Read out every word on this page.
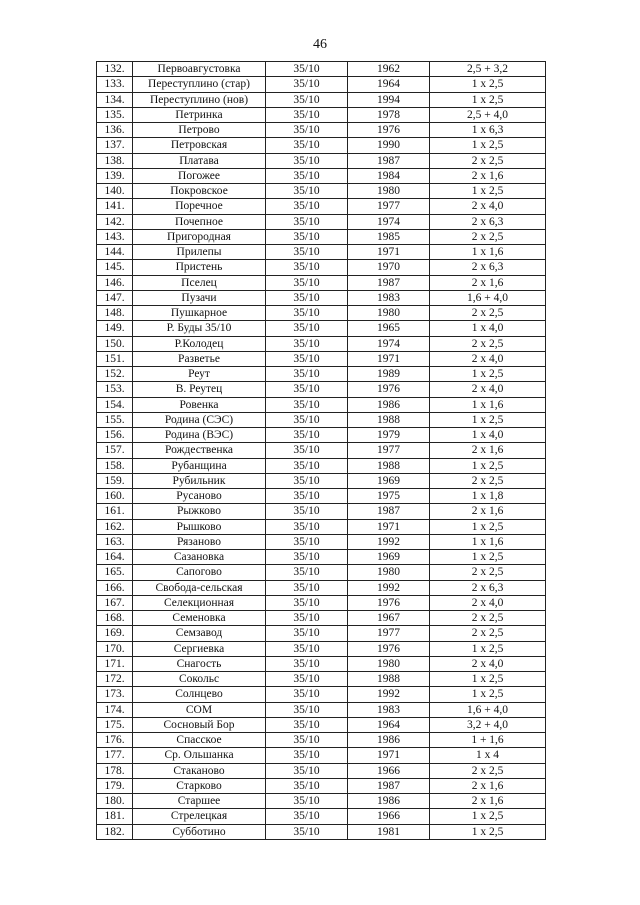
46
132.	Первоавгустовка	35/10	1962	2,5 + 3,2
133.	Переступлино (стар)	35/10	1964	1 x 2,5
134.	Переступлино (нов)	35/10	1994	1 x 2,5
135.	Петринка	35/10	1978	2,5 + 4,0
136.	Петрово	35/10	1976	1 x 6,3
137.	Петровская	35/10	1990	1 x 2,5
138.	Платава	35/10	1987	2 x 2,5
139.	Погожее	35/10	1984	2 x 1,6
140.	Покровское	35/10	1980	1 x 2,5
141.	Поречное	35/10	1977	2 x 4,0
142.	Почепное	35/10	1974	2 x 6,3
143.	Пригородная	35/10	1985	2 x 2,5
144.	Прилепы	35/10	1971	1 x 1,6
145.	Пристень	35/10	1970	2 x 6,3
146.	Пселец	35/10	1987	2 x 1,6
147.	Пузачи	35/10	1983	1,6 + 4,0
148.	Пушкарное	35/10	1980	2 x 2,5
149.	Р. Буды 35/10	35/10	1965	1 x 4,0
150.	Р.Колодец	35/10	1974	2 x 2,5
151.	Разветье	35/10	1971	2 x 4,0
152.	Реут	35/10	1989	1 x 2,5
153.	В. Реутец	35/10	1976	2 x 4,0
154.	Ровенка	35/10	1986	1 x 1,6
155.	Родина (СЭС)	35/10	1988	1 x 2,5
156.	Родина (ВЭС)	35/10	1979	1 x 4,0
157.	Рождественка	35/10	1977	2 x 1,6
158.	Рубанщина	35/10	1988	1 x 2,5
159.	Рубильник	35/10	1969	2 x 2,5
160.	Русаново	35/10	1975	1 x 1,8
161.	Рыжково	35/10	1987	2 x 1,6
162.	Рышково	35/10	1971	1 x 2,5
163.	Рязаново	35/10	1992	1 x 1,6
164.	Сазановка	35/10	1969	1 x 2,5
165.	Сапогово	35/10	1980	2 x 2,5
166.	Свобода-сельская	35/10	1992	2 x 6,3
167.	Селекционная	35/10	1976	2 x 4,0
168.	Семеновка	35/10	1967	2 x 2,5
169.	Семзавод	35/10	1977	2 x 2,5
170.	Сергиевка	35/10	1976	1 x 2,5
171.	Снагость	35/10	1980	2 x 4,0
172.	Сокольс	35/10	1988	1 x 2,5
173.	Солнцево	35/10	1992	1 x 2,5
174.	СОМ	35/10	1983	1,6 + 4,0
175.	Сосновый Бор	35/10	1964	3,2 + 4,0
176.	Спасское	35/10	1986	1 + 1,6
177.	Ср. Ольшанка	35/10	1971	1 x 4
178.	Стаканово	35/10	1966	2 x 2,5
179.	Старково	35/10	1987	2 x 1,6
180.	Старшее	35/10	1986	2 x 1,6
181.	Стрелецкая	35/10	1966	1 x 2,5
182.	Субботино	35/10	1981	1 x 2,5
